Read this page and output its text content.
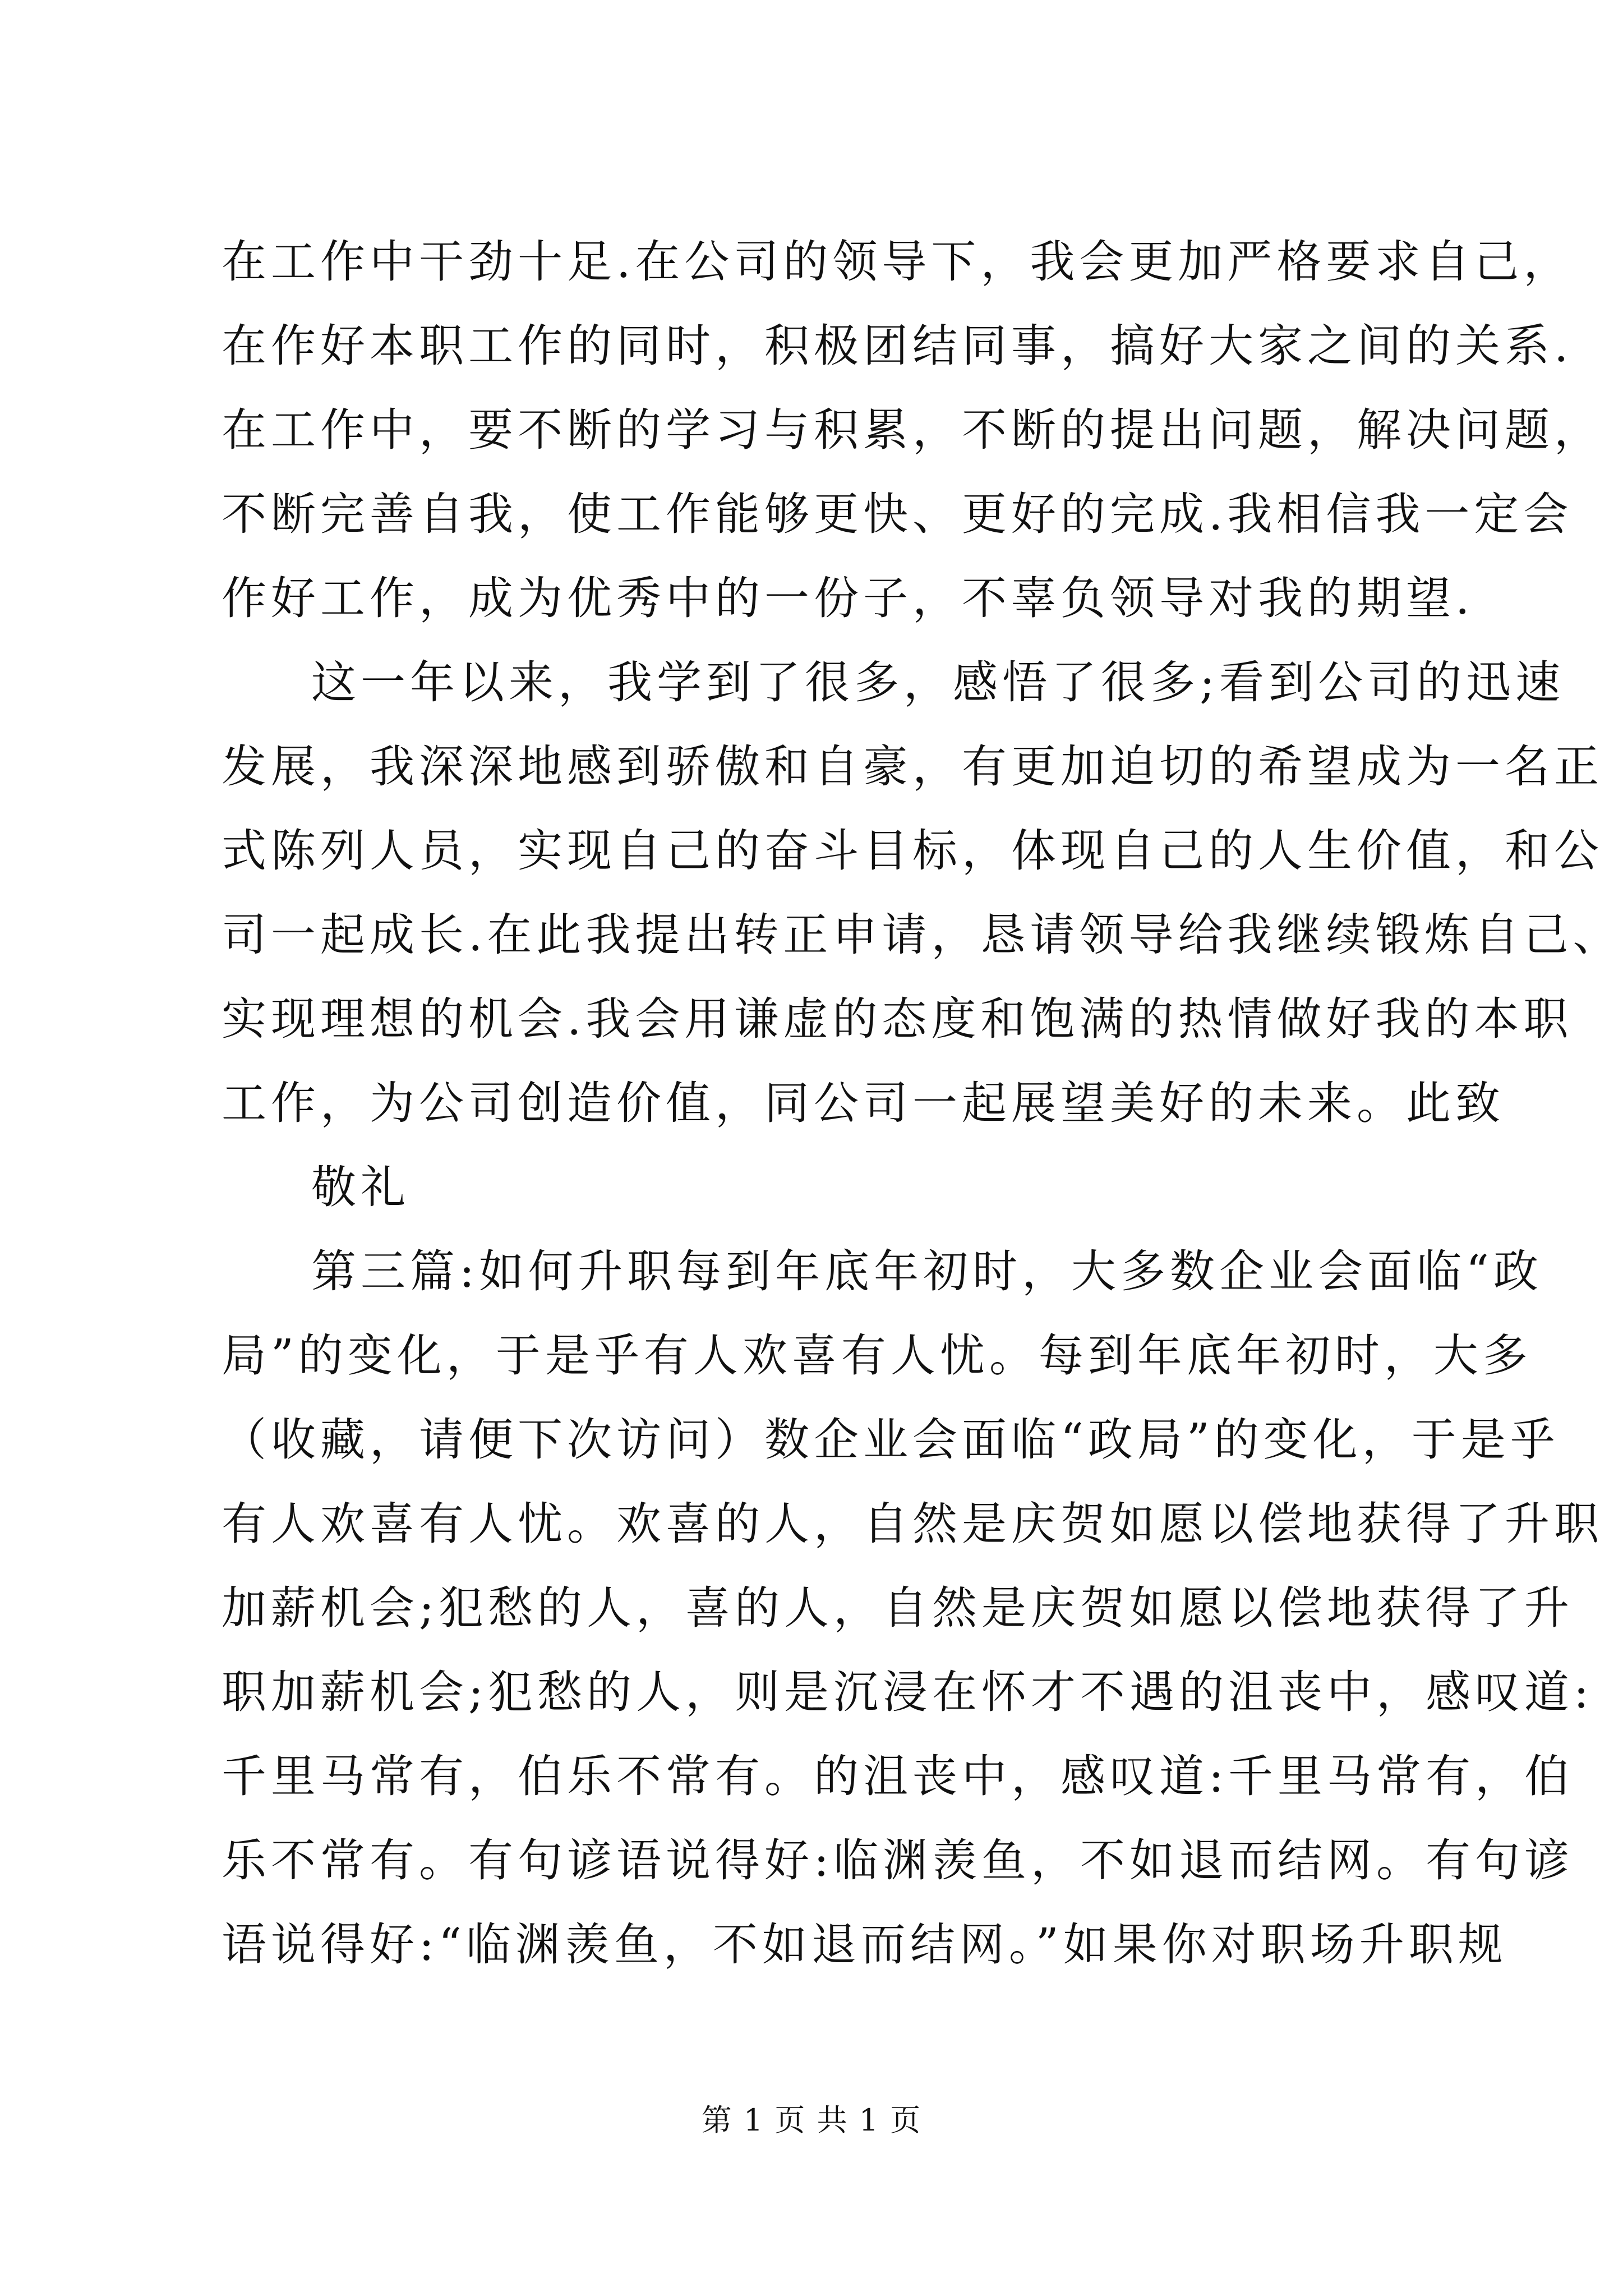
在工作中干劲十足.在公司的领导下，我会更加严格要求自己，
在作好本职工作的同时，积极团结同事，搞好大家之间的关系.
在工作中，要不断的学习与积累，不断的提出问题，解决问题，
不断完善自我，使工作能够更快、更好的完成.我相信我一定会
作好工作，成为优秀中的一份子，不辜负领导对我的期望.
这一年以来，我学到了很多，感悟了很多;看到公司的迅速
发展，我深深地感到骄傲和自豪，有更加迫切的希望成为一名正
式陈列人员，实现自己的奋斗目标，体现自己的人生价值，和公
司一起成长.在此我提出转正申请，恳请领导给我继续锻炼自己、
实现理想的机会.我会用谦虚的态度和饱满的热情做好我的本职
工作，为公司创造价值，同公司一起展望美好的未来。此致
敬礼
第三篇:如何升职每到年底年初时，大多数企业会面临“政
局”的变化，于是乎有人欢喜有人忧。每到年底年初时，大多
（收藏，请便下次访问）数企业会面临“政局”的变化，于是乎
有人欢喜有人忧。欢喜的人，自然是庆贺如愿以偿地获得了升职
加薪机会;犯愁的人，喜的人，自然是庆贺如愿以偿地获得了升
职加薪机会;犯愁的人，则是沉浸在怀才不遇的沮丧中，感叹道:
千里马常有，伯乐不常有。的沮丧中，感叹道:千里马常有，伯
乐不常有。有句谚语说得好:临渊羡鱼，不如退而结网。有句谚
语说得好:“临渊羡鱼，不如退而结网。”如果你对职场升职规
第 1 页 共 1 页
